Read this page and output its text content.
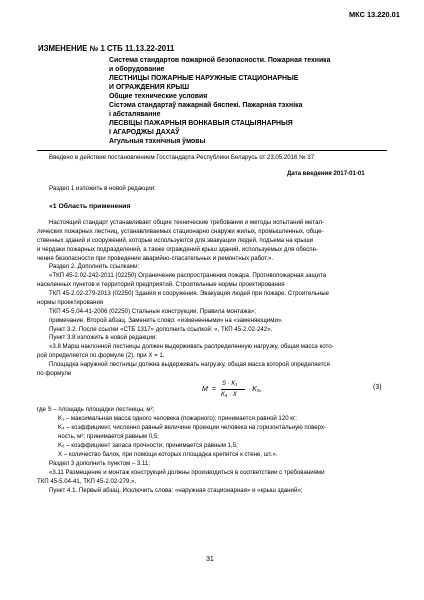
МКС 13.220.01
ИЗМЕНЕНИЕ № 1 СТБ 11.13.22-2011
Система стандартов пожарной безопасности. Пожарная техника
и оборудование
ЛЕСТНИЦЫ ПОЖАРНЫЕ НАРУЖНЫЕ СТАЦИОНАРНЫЕ
И ОГРАЖДЕНИЯ КРЫШ
Общие технические условия
Сістэма стандартаў пажарнай бяспекі. Пажарная тэхніка
і абсталяванне
ЛЕСВІЦЫ ПАЖАРНЫЯ ВОНКАВЫЯ СТАЦЫЯНАРНЫЯ
І АГАРОДЖЫ ДАХАЎ
Агульныя тэхнічныя ўмовы
Введено в действие постановлением Госстандарта Республики Беларусь от 23.05.2016 № 37
Дата введения 2017-01-01
Раздел 1 изложить в новой редакции:
«1 Область применения
Настоящий стандарт устанавливает общие технические требования и методы испытаний метал-
лических пожарных лестниц, устанавливаемых стационарно снаружи жилых, промышленных, обще-
ственных зданий и сооружений, которые используются для эвакуации людей, подъема на крыши
и чердаки пожарных подразделений, а также ограждений крыш зданий, используемых для обеспе-
чения безопасности при проведении аварийно-спасательных и ремонтных работ.».
Раздел 2. Дополнить ссылками:
«ТКП 45-2.02-242-2011 (02250) Ограничение распространения пожара. Противопожарная защита
населенных пунктов и территорий предприятий. Строительные нормы проектирования
ТКП 45-2.02-279-2013 (02250) Здания и сооружения. Эвакуация людей при пожаре. Строительные
нормы проектирования
ТКП 45-5.04-41-2006 (02250) Стальные конструкции. Правила монтажа»;
примечание. Второй абзац. Заменить слово: «измененными» на «заменяющими».
Пункт 3.2. После ссылки «СТБ 1317» дополнить ссылкой: «, ТКП 45-2.02-242».
Пункт 3.8 изложить в новой редакции:
«3.8 Марш наклонной лестницы должен выдерживать распределенную нагрузку, общая масса кото-
рой определяется по формуле (2), при X = 1.
Площадка наружной лестницы должна выдерживать нагрузку, общая масса которой определяется
по формуле
M =
S · K₁
K₄ · X
· K₅,	(3)
где S – площадь площадки лестницы, м²;
K₁ – максимальная масса одного человека (пожарного); принимается равной 120 кг;
K₄ – коэффициент, численно равный величине проекции человека на горизонтальную поверх-
ность, м²; принимается равным 0,5;
K₅ – коэффициент запаса прочности; принимается равным 1,5;
X – количество балок, при помощи которых площадка крепится к стене, шт.».
Раздел 3 дополнить пунктом – 3.11:
«3.11 Размещение и монтаж конструкций должны производиться в соответствии с требованиями
ТКП 45-5.04-41, ТКП 45-2.02-279.».
Пункт 4.1. Первый абзац. Исключить слова: «наружная стационарная» и «крыш зданий»;
31
